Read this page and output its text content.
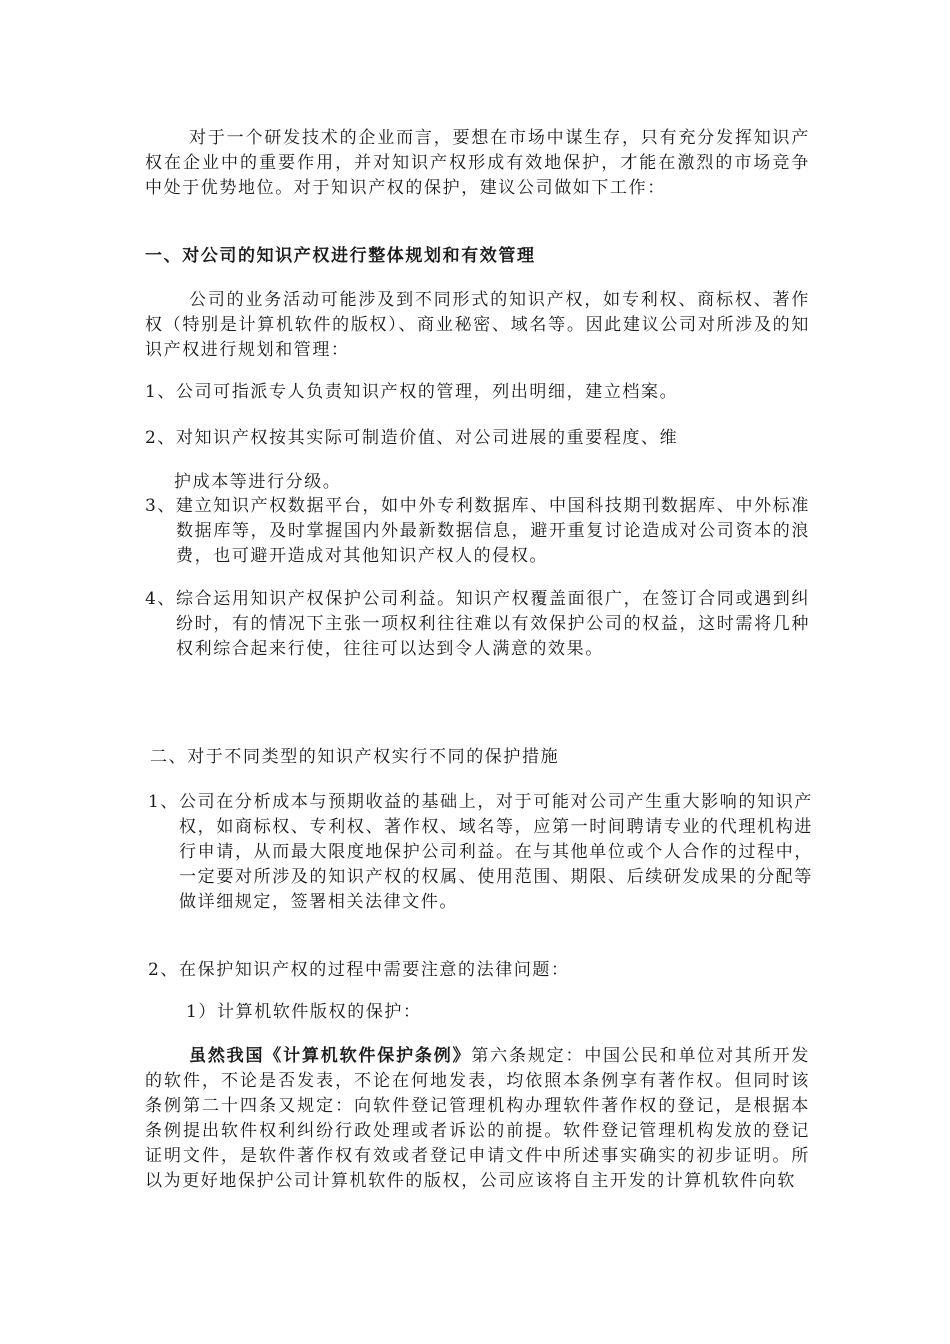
对于一个研发技术的企业而言，要想在市场中谋生存，只有充分发挥知识产权在企业中的重要作用，并对知识产权形成有效地保护，才能在激烈的市场竞争中处于优势地位。对于知识产权的保护，建议公司做如下工作：
一、对公司的知识产权进行整体规划和有效管理
公司的业务活动可能涉及到不同形式的知识产权，如专利权、商标权、著作权（特别是计算机软件的版权）、商业秘密、域名等。因此建议公司对所涉及的知识产权进行规划和管理：
1、 公司可指派专人负责知识产权的管理，列出明细，建立档案。
2、 对知识产权按其实际可制造价值、对公司进展的重要程度、维
护成本等进行分级。
3、 建立知识产权数据平台，如中外专利数据库、中国科技期刊数据库、中外标准数据库等，及时掌握国内外最新数据信息，避开重复讨论造成对公司资本的浪费，也可避开造成对其他知识产权人的侵权。
4、 综合运用知识产权保护公司利益。知识产权覆盖面很广，在签订合同或遇到纠纷时，有的情况下主张一项权利往往难以有效保护公司的权益，这时需将几种权利综合起来行使，往往可以达到令人满意的效果。
二、对于不同类型的知识产权实行不同的保护措施
1、 公司在分析成本与预期收益的基础上，对于可能对公司产生重大影响的知识产权，如商标权、专利权、著作权、域名等，应第一时间聘请专业的代理机构进行申请，从而最大限度地保护公司利益。在与其他单位或个人合作的过程中，一定要对所涉及的知识产权的权属、使用范围、期限、后续研发成果的分配等做详细规定，签署相关法律文件。
2、 在保护知识产权的过程中需要注意的法律问题：
1）计算机软件版权的保护：
虽然我国《计算机软件保护条例》第六条规定：中国公民和单位对其所开发的软件，不论是否发表，不论在何地发表，均依照本条例享有著作权。但同时该条例第二十四条又规定：向软件登记管理机构办理软件著作权的登记，是根据本条例提出软件权利纠纷行政处理或者诉讼的前提。软件登记管理机构发放的登记证明文件，是软件著作权有效或者登记申请文件中所述事实确实的初步证明。所以为更好地保护公司计算机软件的版权，公司应该将自主开发的计算机软件向软
